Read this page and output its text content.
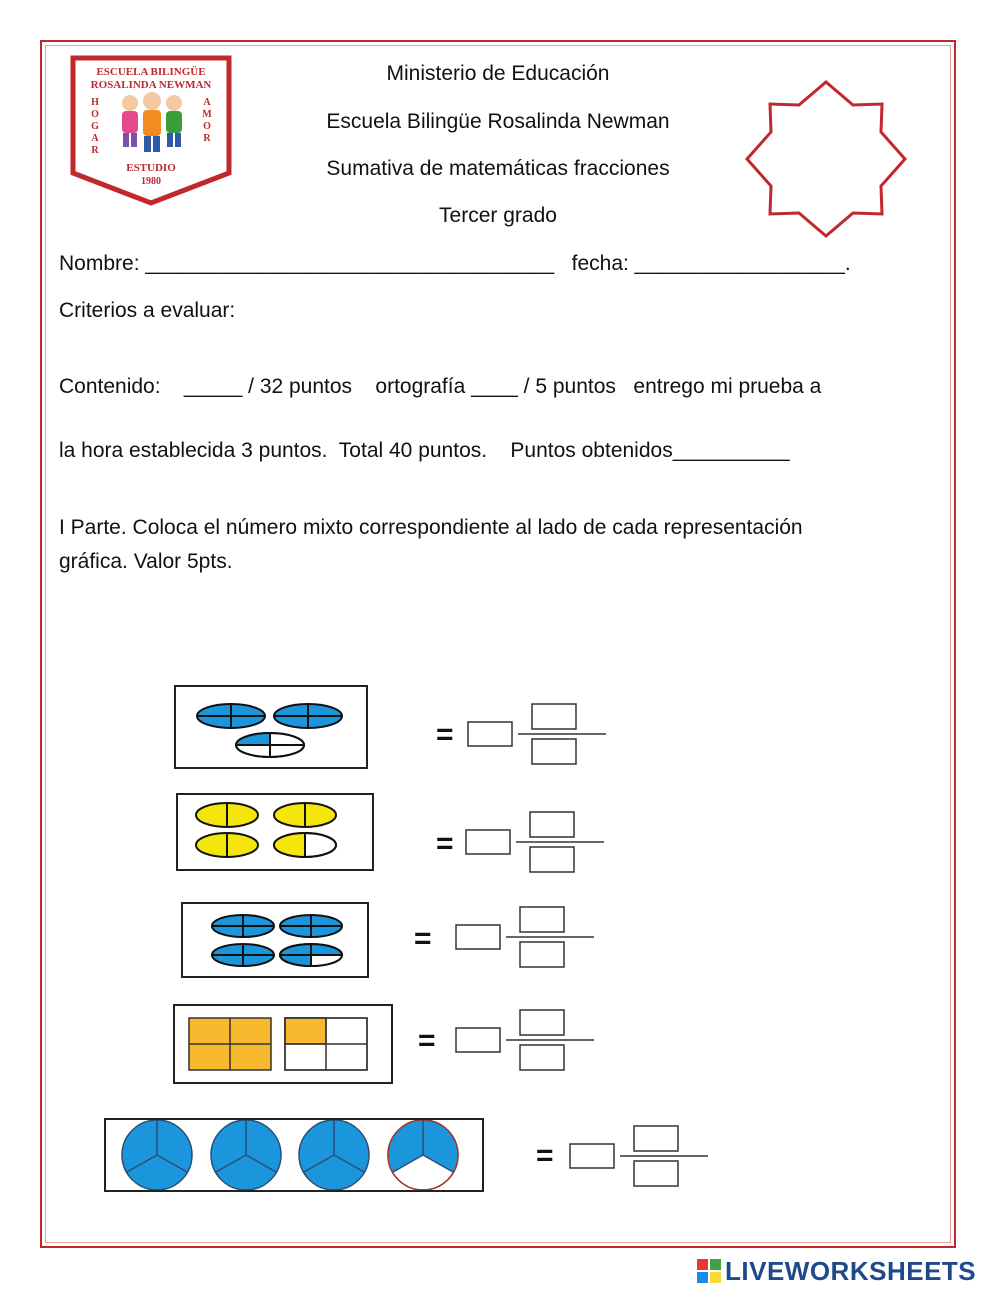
ESCUELA BILINGÜE
ROSALINDA NEWMAN
H O G A R
A M O R
ESTUDIO
1980
Ministerio de Educación
Escuela Bilingüe Rosalinda Newman
Sumativa de matemáticas fracciones
Tercer grado
Nombre: ___________________________________   fecha: __________________.
Criterios a evaluar:
Contenido:    _____ / 32 puntos    ortografía ____ / 5 puntos   entrego mi prueba a
la hora establecida 3 puntos.  Total 40 puntos.    Puntos obtenidos__________
I Parte. Coloca el número mixto correspondiente al lado de cada representación
gráfica. Valor 5pts.
=
=
=
=
=
LIVEWORKSHEETS
